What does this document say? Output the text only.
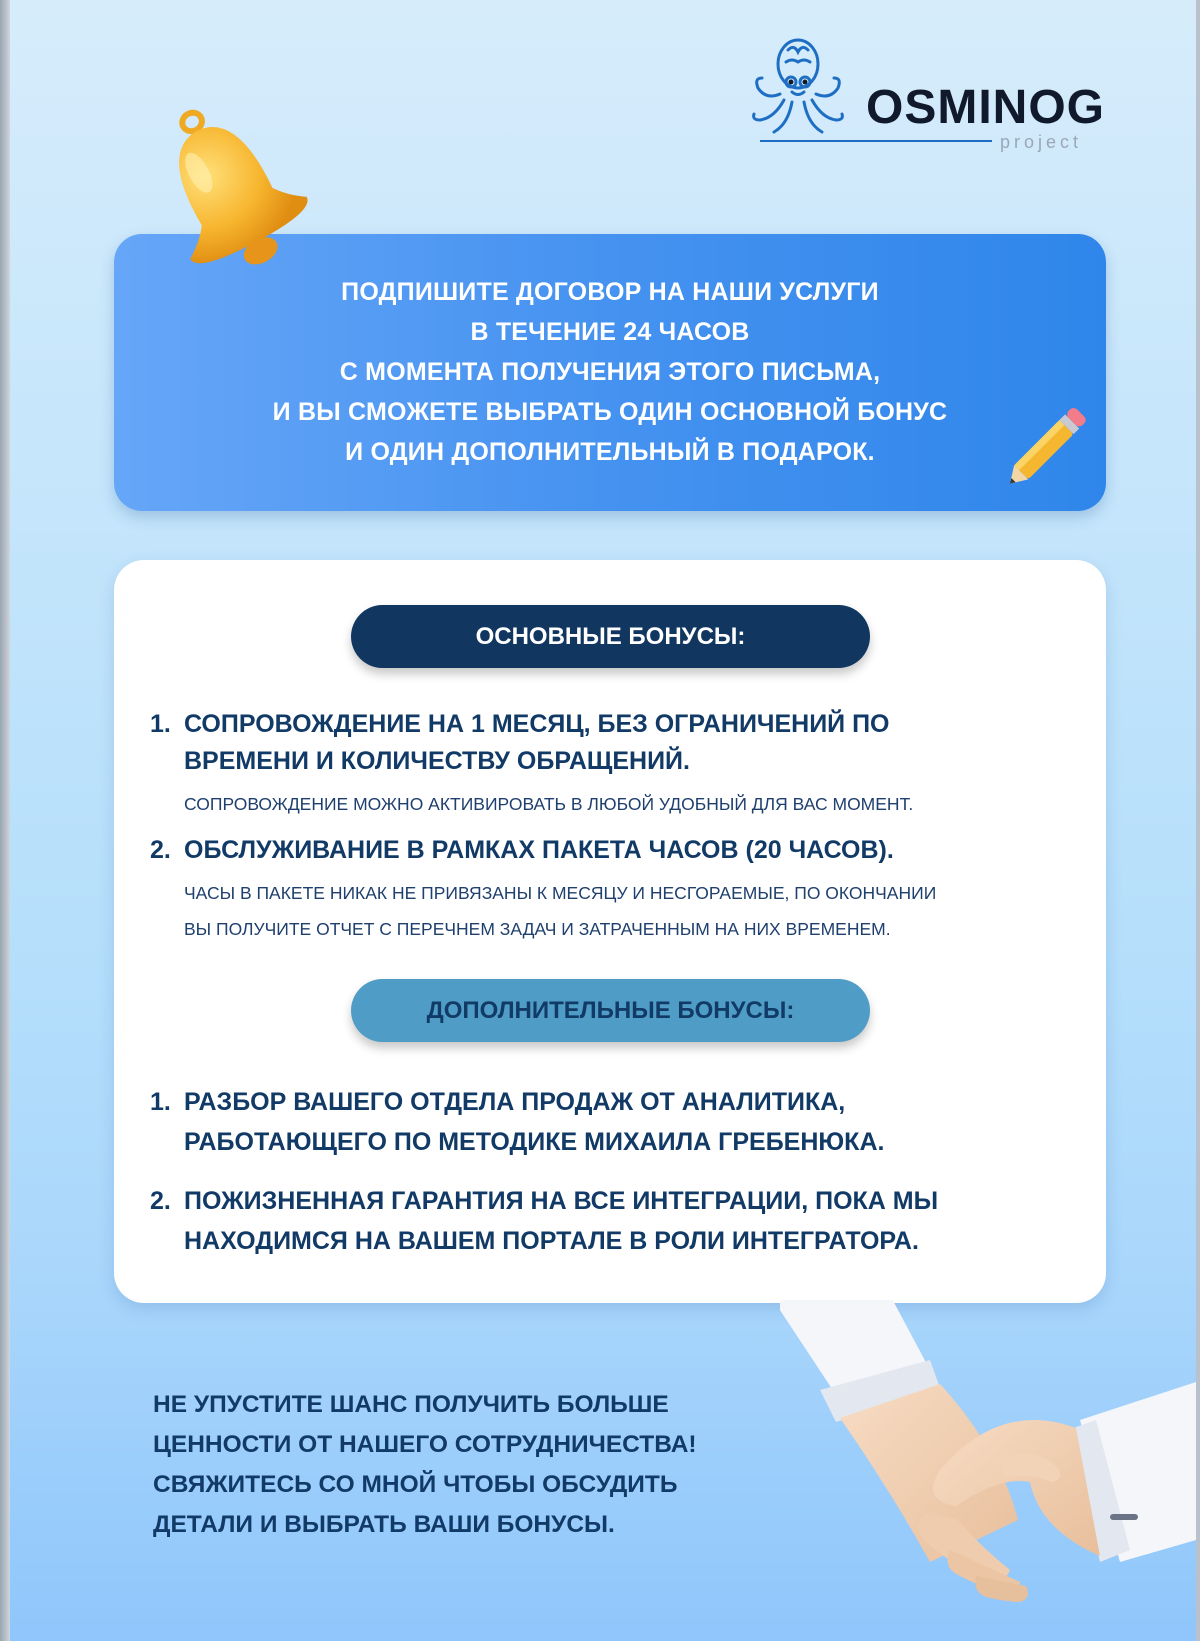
OSMINOG
project
ПОДПИШИТЕ ДОГОВОР НА НАШИ УСЛУГИ
В ТЕЧЕНИЕ 24 ЧАСОВ
С МОМЕНТА ПОЛУЧЕНИЯ ЭТОГО ПИСЬМА,
И ВЫ СМОЖЕТЕ ВЫБРАТЬ ОДИН ОСНОВНОЙ БОНУС
И ОДИН ДОПОЛНИТЕЛЬНЫЙ В ПОДАРОК.
ОСНОВНЫЕ БОНУСЫ:
1. СОПРОВОЖДЕНИЕ НА 1 МЕСЯЦ, БЕЗ ОГРАНИЧЕНИЙ ПО
ВРЕМЕНИ И КОЛИЧЕСТВУ ОБРАЩЕНИЙ.
СОПРОВОЖДЕНИЕ МОЖНО АКТИВИРОВАТЬ В ЛЮБОЙ УДОБНЫЙ ДЛЯ ВАС МОМЕНТ.
2. ОБСЛУЖИВАНИЕ В РАМКАХ ПАКЕТА ЧАСОВ (20 ЧАСОВ).
ЧАСЫ В ПАКЕТЕ НИКАК НЕ ПРИВЯЗАНЫ К МЕСЯЦУ И НЕСГОРАЕМЫЕ, ПО ОКОНЧАНИИ
ВЫ ПОЛУЧИТЕ ОТЧЕТ С ПЕРЕЧНЕМ ЗАДАЧ И ЗАТРАЧЕННЫМ НА НИХ ВРЕМЕНЕМ.
ДОПОЛНИТЕЛЬНЫЕ БОНУСЫ:
1. РАЗБОР ВАШЕГО ОТДЕЛА ПРОДАЖ ОТ АНАЛИТИКА,
РАБОТАЮЩЕГО ПО МЕТОДИКЕ МИХАИЛА ГРЕБЕНЮКА.
2. ПОЖИЗНЕННАЯ ГАРАНТИЯ НА ВСЕ ИНТЕГРАЦИИ, ПОКА МЫ
НАХОДИМСЯ НА ВАШЕМ ПОРТАЛЕ В РОЛИ ИНТЕГРАТОРА.
НЕ УПУСТИТЕ ШАНС ПОЛУЧИТЬ БОЛЬШЕ
ЦЕННОСТИ ОТ НАШЕГО СОТРУДНИЧЕСТВА!
СВЯЖИТЕСЬ СО МНОЙ ЧТОБЫ ОБСУДИТЬ
ДЕТАЛИ И ВЫБРАТЬ ВАШИ БОНУСЫ.
